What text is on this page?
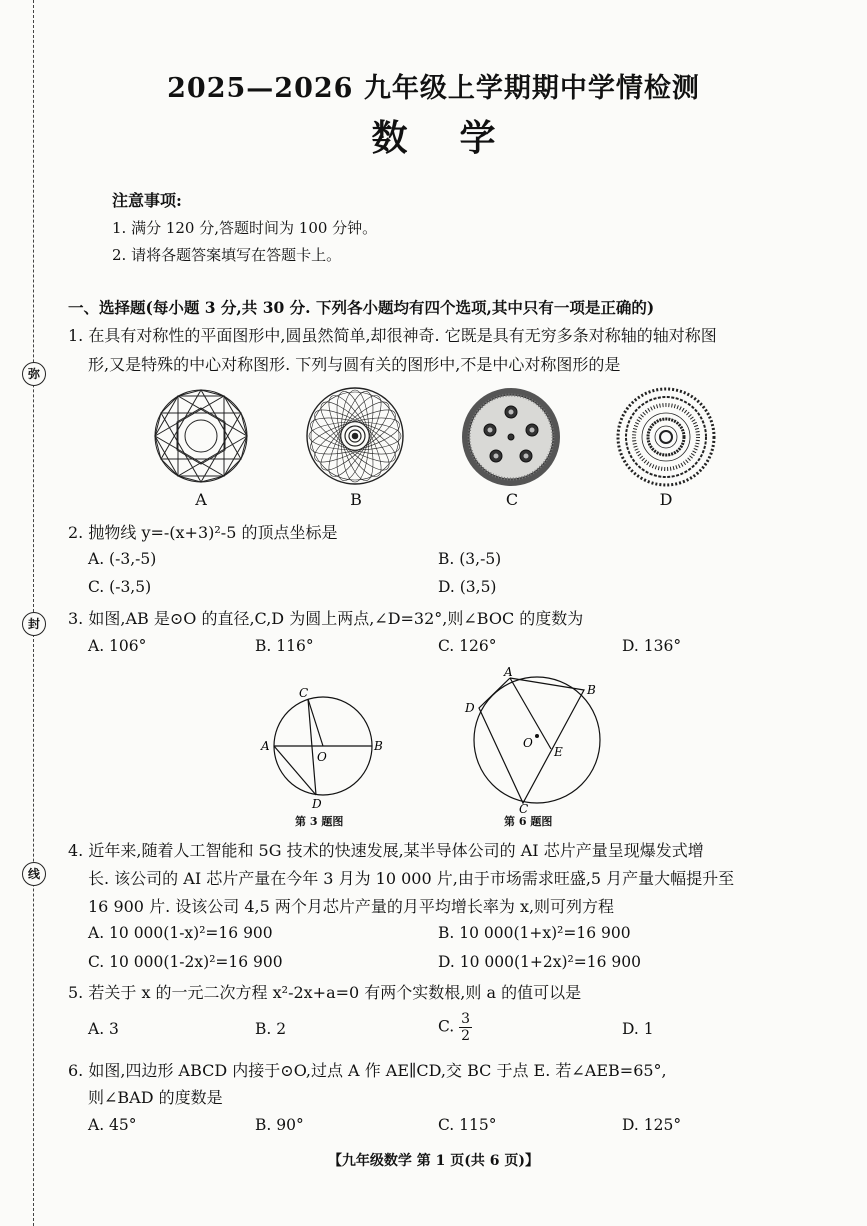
弥
封
线
2025—2026 九年级上学期期中学情检测
数学
注意事项:
1. 满分 120 分,答题时间为 100 分钟。
2. 请将各题答案填写在答题卡上。
一、选择题(每小题 3 分,共 30 分. 下列各小题均有四个选项,其中只有一项是正确的)
1. 在具有对称性的平面图形中,圆虽然简单,却很神奇. 它既是具有无穷多条对称轴的轴对称图
形,又是特殊的中心对称图形. 下列与圆有关的图形中,不是中心对称图形的是
A	B	C	D
2. 抛物线 y=-(x+3)²-5 的顶点坐标是
A. (-3,-5)	B. (3,-5)
C. (-3,5)	D. (3,5)
3. 如图,AB 是⊙O 的直径,C,D 为圆上两点,∠D=32°,则∠BOC 的度数为
A. 106°	B. 116°	C. 126°	D. 136°
C
A
O
B
D
第 3 题图
A
B
D
O
E
C
第 6 题图
4. 近年来,随着人工智能和 5G 技术的快速发展,某半导体公司的 AI 芯片产量呈现爆发式增
长. 该公司的 AI 芯片产量在今年 3 月为 10 000 片,由于市场需求旺盛,5 月产量大幅提升至
16 900 片. 设该公司 4,5 两个月芯片产量的月平均增长率为 x,则可列方程
A. 10 000(1-x)²=16 900	B. 10 000(1+x)²=16 900
C. 10 000(1-2x)²=16 900	D. 10 000(1+2x)²=16 900
5. 若关于 x 的一元二次方程 x²-2x+a=0 有两个实数根,则 a 的值可以是
A. 3	B. 2	C. $\frac{3}{2}$	D. 1
6. 如图,四边形 ABCD 内接于⊙O,过点 A 作 AE∥CD,交 BC 于点 E. 若∠AEB=65°,
则∠BAD 的度数是
A. 45°	B. 90°	C. 115°	D. 125°
【九年级数学 第 1 页(共 6 页)】
